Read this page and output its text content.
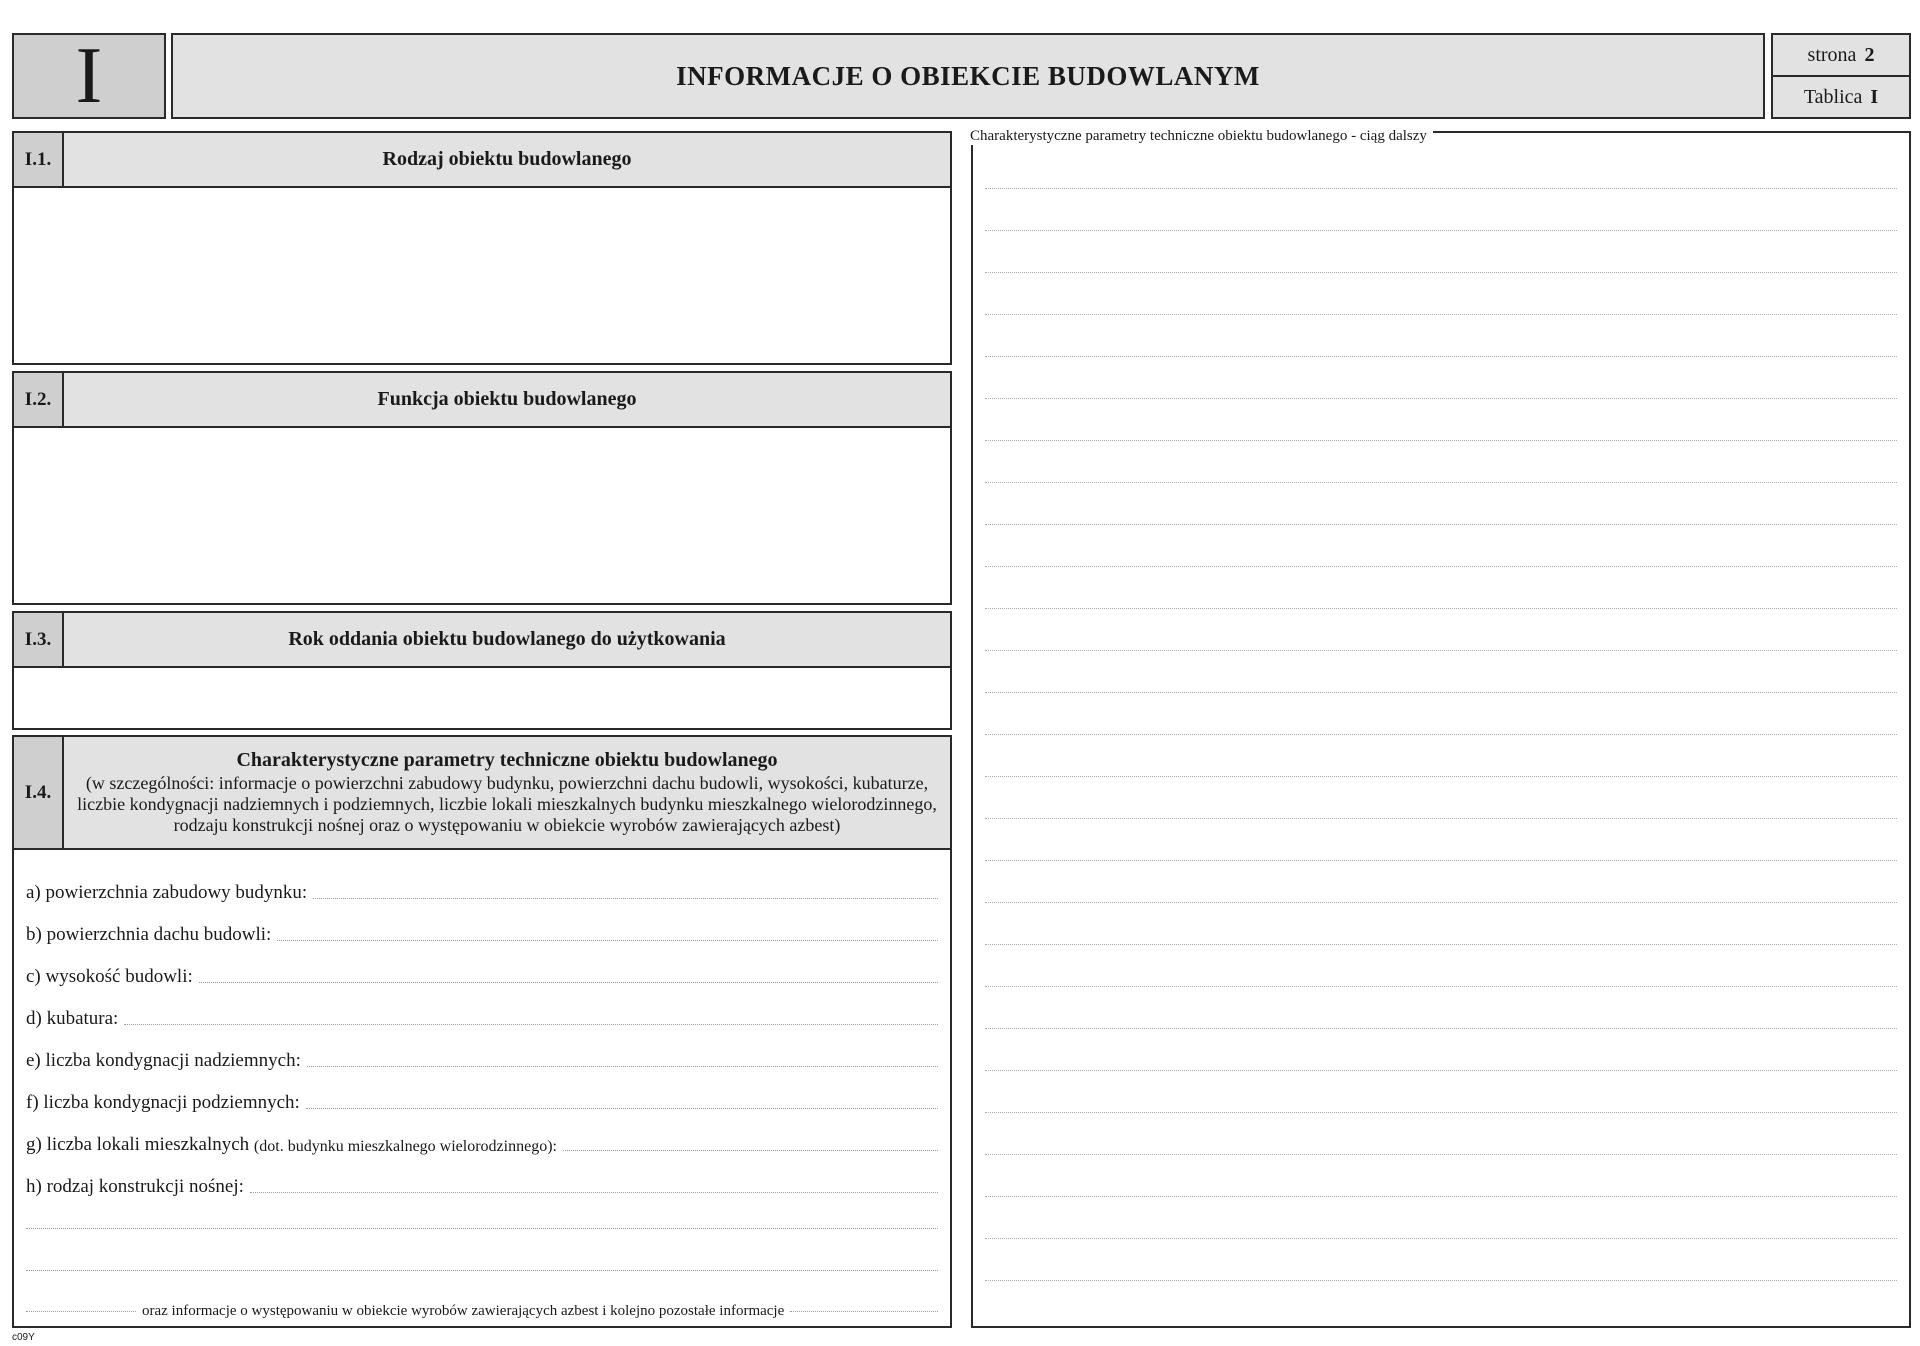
I	INFORMACJE O OBIEKCIE BUDOWLANYM
strona 2
Tablica I
I.1.	Rodzaj obiektu budowlanego
I.2.	Funkcja obiektu budowlanego
I.3.	Rok oddania obiektu budowlanego do użytkowania
I.4.
Charakterystyczne parametry techniczne obiektu budowlanego
(w szczególności: informacje o powierzchni zabudowy budynku, powierzchni dachu budowli, wysokości, kubaturze, liczbie kondygnacji nadziemnych i podziemnych, liczbie lokali mieszkalnych budynku mieszkalnego wielorodzinnego, rodzaju konstrukcji nośnej oraz o występowaniu w obiekcie wyrobów zawierających azbest)
a) powierzchnia zabudowy budynku:
b) powierzchnia dachu budowli:
c) wysokość budowli:
d) kubatura:
e) liczba kondygnacji nadziemnych:
f) liczba kondygnacji podziemnych:
g) liczba lokali mieszkalnych
(dot. budynku mieszkalnego wielorodzinnego):
h) rodzaj konstrukcji nośnej:
oraz informacje o występowaniu w obiekcie wyrobów zawierających azbest i kolejno pozostałe informacje
Charakterystyczne parametry techniczne obiektu budowlanego - ciąg dalszy
c09Y
